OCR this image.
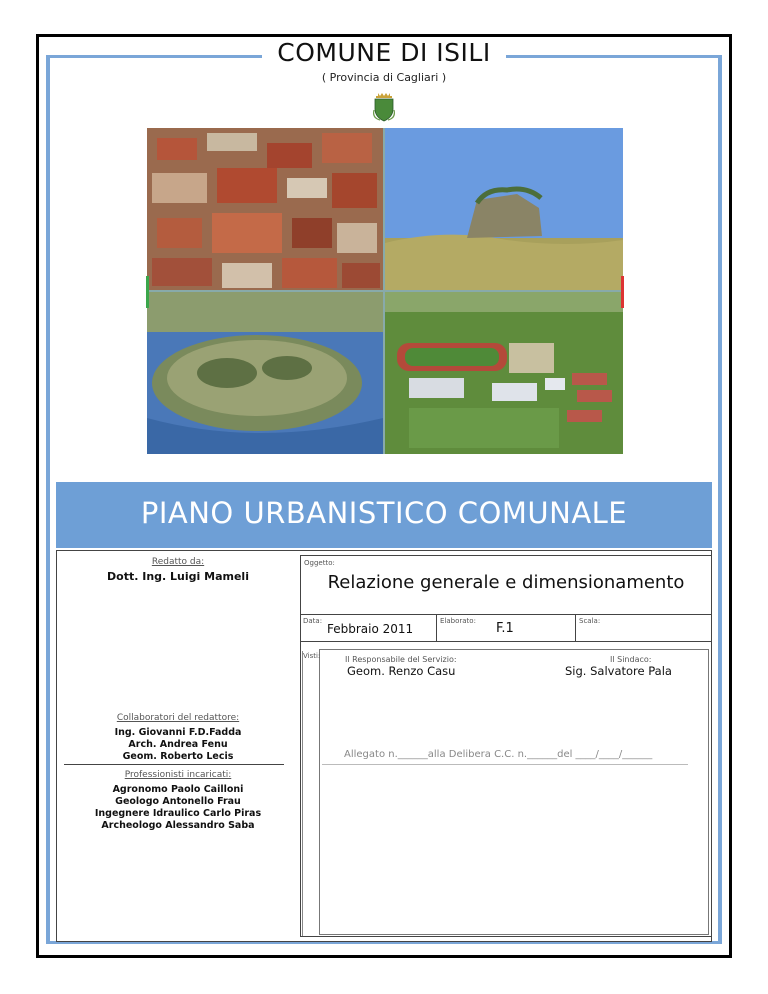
COMUNE DI ISILI
( Provincia di Cagliari )
PIANO URBANISTICO COMUNALE
Redatto da:
Dott. Ing. Luigi Mameli
Collaboratori del redattore:
Ing. Giovanni F.D.Fadda
Arch. Andrea Fenu
Geom. Roberto Lecis
Professionisti incaricati:
Agronomo Paolo Cailloni
Geologo Antonello Frau
Ingegnere Idraulico Carlo Piras
Archeologo Alessandro Saba
Oggetto:
Relazione generale e dimensionamento
Data:
Febbraio 2011
Elaborato: F.1	Scala:
Visti:	Il Responsabile del Servizio:
Geom. Renzo Casu
Il Sindaco:
Sig. Salvatore Pala
Allegato n.______alla Delibera C.C. n.______del ____/____/______
